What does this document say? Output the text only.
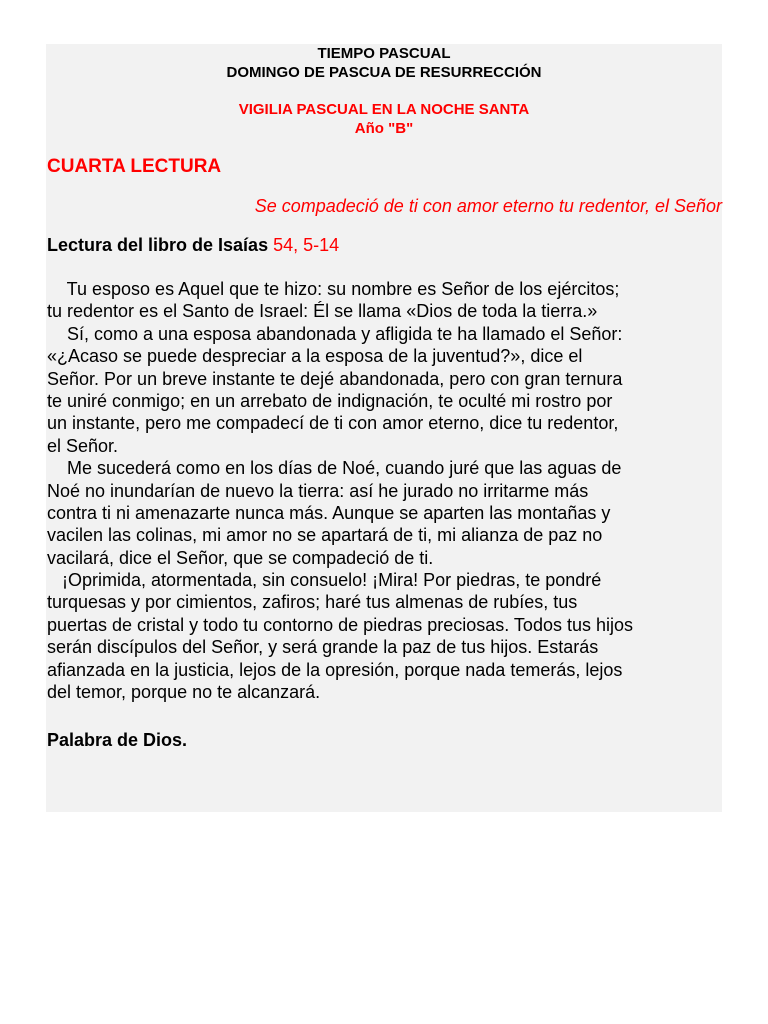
TIEMPO PASCUAL
DOMINGO DE PASCUA DE RESURRECCIÓN
VIGILIA PASCUAL EN LA NOCHE SANTA
Año "B"
CUARTA LECTURA
Se compadeció de ti con amor eterno tu redentor, el Señor
Lectura del libro de Isaías 54, 5-14
Tu esposo es Aquel que te hizo: su nombre es Señor de los ejércitos;
tu redentor es el Santo de Israel: Él se llama «Dios de toda la tierra.»
Sí, como a una esposa abandonada y afligida te ha llamado el Señor:
«¿Acaso se puede despreciar a la esposa de la juventud?», dice el
Señor. Por un breve instante te dejé abandonada, pero con gran ternura
te uniré conmigo; en un arrebato de indignación, te oculté mi rostro por
un instante, pero me compadecí de ti con amor eterno, dice tu redentor,
el Señor.
Me sucederá como en los días de Noé, cuando juré que las aguas de
Noé no inundarían de nuevo la tierra: así he jurado no irritarme más
contra ti ni amenazarte nunca más. Aunque se aparten las montañas y
vacilen las colinas, mi amor no se apartará de ti, mi alianza de paz no
vacilará, dice el Señor, que se compadeció de ti.
¡Oprimida, atormentada, sin consuelo! ¡Mira! Por piedras, te pondré
turquesas y por cimientos, zafiros; haré tus almenas de rubíes, tus
puertas de cristal y todo tu contorno de piedras preciosas. Todos tus hijos
serán discípulos del Señor, y será grande la paz de tus hijos. Estarás
afianzada en la justicia, lejos de la opresión, porque nada temerás, lejos
del temor, porque no te alcanzará.
Palabra de Dios.
